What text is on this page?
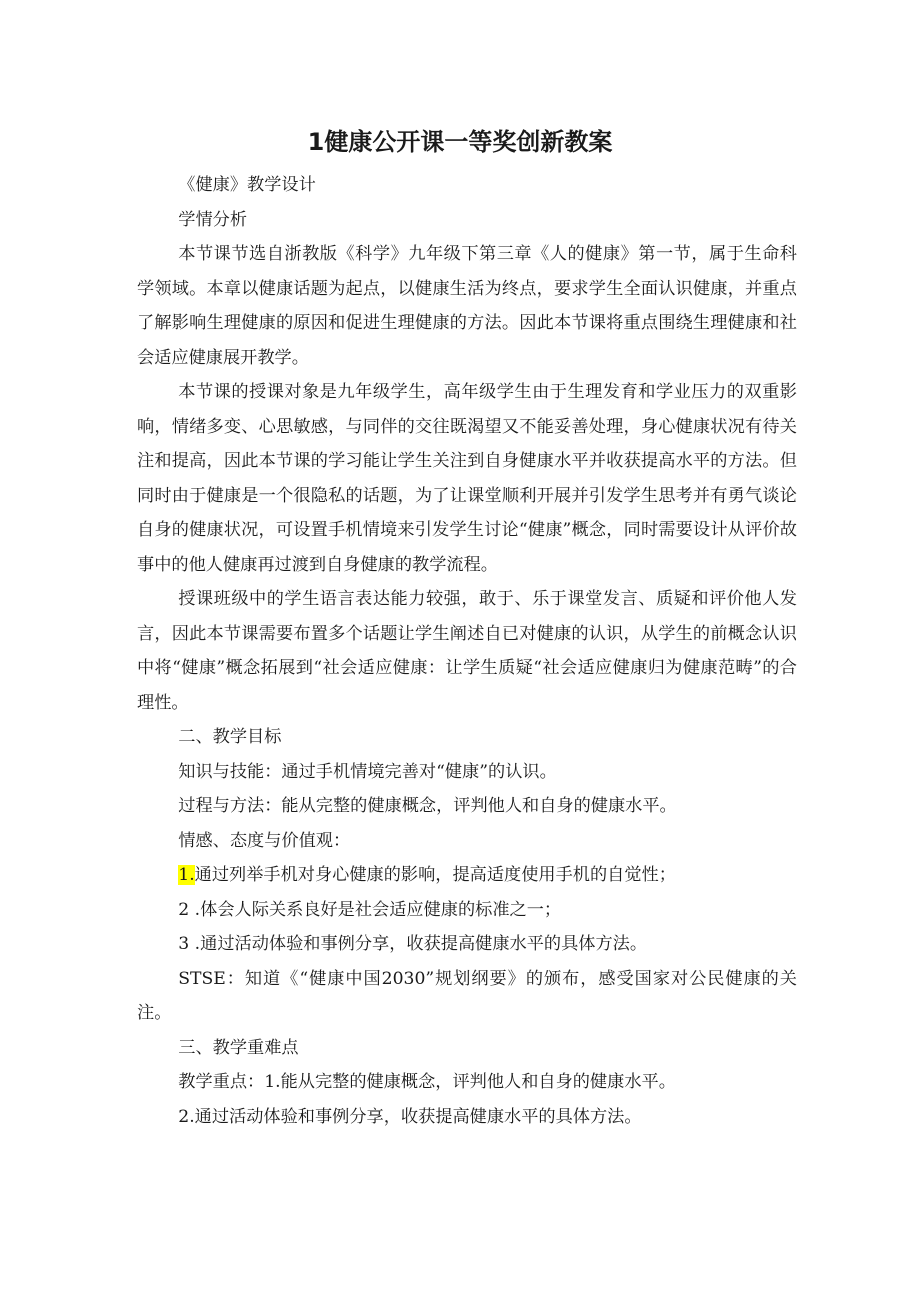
1健康公开课一等奖创新教案

《健康》教学设计

学情分析

本节课节选自浙教版《科学》九年级下第三章《人的健康》第一节，属于生命科学领域。本章以健康话题为起点，以健康生活为终点，要求学生全面认识健康，并重点了解影响生理健康的原因和促进生理健康的方法。因此本节课将重点围绕生理健康和社会适应健康展开教学。

本节课的授课对象是九年级学生，高年级学生由于生理发育和学业压力的双重影响，情绪多变、心思敏感，与同伴的交往既渴望又不能妥善处理，身心健康状况有待关注和提高，因此本节课的学习能让学生关注到自身健康水平并收获提高水平的方法。但同时由于健康是一个很隐私的话题，为了让课堂顺利开展并引发学生思考并有勇气谈论自身的健康状况，可设置手机情境来引发学生讨论“健康”概念，同时需要设计从评价故事中的他人健康再过渡到自身健康的教学流程。

授课班级中的学生语言表达能力较强，敢于、乐于课堂发言、质疑和评价他人发言，因此本节课需要布置多个话题让学生阐述自已对健康的认识，从学生的前概念认识中将“健康”概念拓展到“社会适应健康：让学生质疑“社会适应健康归为健康范畴”的合理性。

二、教学目标

知识与技能：通过手机情境完善对“健康”的认识。

过程与方法：能从完整的健康概念，评判他人和自身的健康水平。

情感、态度与价值观：

1.通过列举手机对身心健康的影响，提高适度使用手机的自觉性；

2 .体会人际关系良好是社会适应健康的标准之一；

3 .通过活动体验和事例分享，收获提高健康水平的具体方法。

STSE：知道《“健康中国2030”规划纲要》的颁布，感受国家对公民健康的关注。

三、教学重难点

教学重点：1.能从完整的健康概念，评判他人和自身的健康水平。

2.通过活动体验和事例分享，收获提高健康水平的具体方法。
